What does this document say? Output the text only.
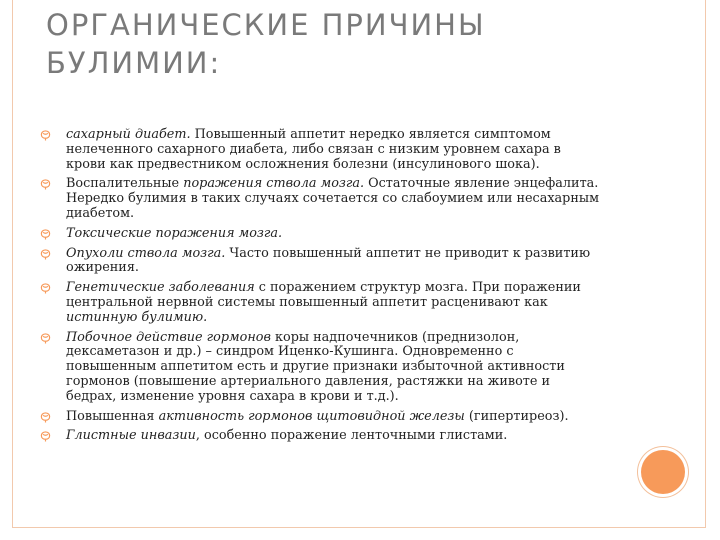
ОРГАНИЧЕСКИЕ ПРИЧИНЫ
БУЛИМИИ:
сахарный диабет. Повышенный аппетит нередко является симптомом нелеченного сахарного диабета, либо связан с низким уровнем сахара в крови как предвестником осложнения болезни (инсулинового шока).
Воспалительные поражения ствола мозга. Остаточные явление энцефалита. Нередко булимия в таких случаях сочетается со слабоумием или несахарным диабетом.
Токсические поражения мозга.
Опухоли ствола мозга. Часто повышенный аппетит не приводит к развитию ожирения.
Генетические заболевания с поражением структур мозга. При поражении центральной нервной системы повышенный аппетит расценивают как истинную булимию.
Побочное действие гормонов коры надпочечников (преднизолон, дексаметазон и др.) – синдром Иценко-Кушинга. Одновременно с повышенным аппетитом есть и другие признаки избыточной активности гормонов (повышение артериального давления, растяжки на животе и бедрах, изменение уровня сахара в крови и т.д.).
Повышенная активность гормонов щитовидной железы (гипертиреоз).
Глистные инвазии, особенно поражение ленточными глистами.
